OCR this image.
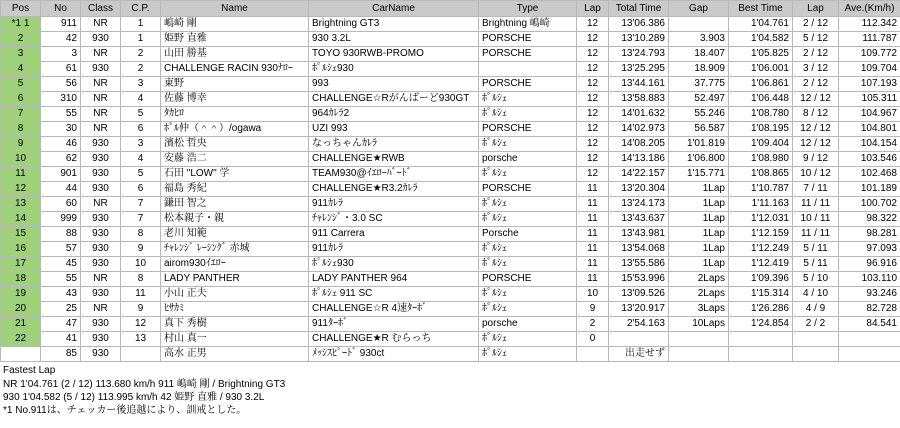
Pos	No	Class	C.P.	Name	CarName	Type	Lap	Total Time	Gap	Best Time	Lap	Ave.(Km/h)
*1 1	911	NR	1	嶋崎 剛	Brightning GT3	Brightning 嶋崎	12	13'06.386		1'04.761	2 / 12	112.342
2	42	930	1	姫野 直雅	930 3.2L	PORSCHE	12	13'10.289	3.903	1'04.582	5 / 12	111.787
3	3	NR	2	山田 勝基	TOYO 930RWB-PROMO	PORSCHE	12	13'24.793	18.407	1'05.825	2 / 12	109.772
4	61	930	2	CHALLENGE RACIN 930ﾅﾛｰ	ﾎﾟﾙｼｪ930		12	13'25.295	18.909	1'06.001	3 / 12	109.704
5	56	NR	3	東野	993	PORSCHE	12	13'44.161	37.775	1'06.861	2 / 12	107.193
6	310	NR	4	佐藤 博幸	CHALLENGE☆Rがんばーど930GT	ﾎﾟﾙｼｪ	12	13'58.883	52.497	1'06.448	12 / 12	105.311
7	55	NR	5	ﾀｶﾋﾛ	964ｶﾚﾗ2	ﾎﾟﾙｼｪ	12	14'01.632	55.246	1'08.780	8 / 12	104.967
8	30	NR	6	ﾎﾟﾙ仲（＾＾）/ogawa	UZI 993	PORSCHE	12	14'02.973	56.587	1'08.195	12 / 12	104.801
9	46	930	3	濱松 哲央	なっちゃんｶﾚﾗ	ﾎﾟﾙｼｪ	12	14'08.205	1'01.819	1'09.404	12 / 12	104.154
10	62	930	4	安藤 浩二	CHALLENGE★RWB	porsche	12	14'13.186	1'06.800	1'08.980	9 / 12	103.546
11	901	930	5	石田 "LOW" 学	TEAM930@ｲｴﾛｰﾊﾞｰﾄﾞ	ﾎﾟﾙｼｪ	12	14'22.157	1'15.771	1'08.865	10 / 12	102.468
12	44	930	6	福島 秀紀	CHALLENGE★R3.2ｶﾚﾗ	PORSCHE	11	13'20.304	1Lap	1'10.787	7 / 11	101.189
13	60	NR	7	鎌田 智之	911ｶﾚﾗ	ﾎﾟﾙｼｪ	11	13'24.173	1Lap	1'11.163	11 / 11	100.702
14	999	930	7	松本親子・親	ﾁｬﾚﾝｼﾞ・3.0 SC	ﾎﾟﾙｼｪ	11	13'43.637	1Lap	1'12.031	10 / 11	98.322
15	88	930	8	老川 知範	911 Carrera	Porsche	11	13'43.981	1Lap	1'12.159	11 / 11	98.281
16	57	930	9	ﾁｬﾚﾝｼﾞ ﾚｰｼﾝｸﾞ 赤城	911ｶﾚﾗ	ﾎﾟﾙｼｪ	11	13'54.068	1Lap	1'12.249	5 / 11	97.093
17	45	930	10	airom930ｲｴﾛｰ	ﾎﾟﾙｼｪ930	ﾎﾟﾙｼｪ	11	13'55.586	1Lap	1'12.419	5 / 11	96.916
18	55	NR	8	LADY PANTHER	LADY PANTHER 964	PORSCHE	11	15'53.996	2Laps	1'09.396	5 / 10	103.110
19	43	930	11	小山 正夫	ﾎﾟﾙｼｪ 911 SC	ﾎﾟﾙｼｪ	10	13'09.526	2Laps	1'15.314	4 / 10	93.246
20	25	NR	9	ﾋｻｶﾐ	CHALLENGE☆R 4速ﾀｰﾎﾞ	ﾎﾟﾙｼｪ	9	13'20.917	3Laps	1'26.286	4 / 9	82.728
21	47	930	12	真下 秀樹	911ﾀｰﾎﾞ	porsche	2	2'54.163	10Laps	1'24.854	2 / 2	84.541
22	41	930	13	村山 真一	CHALLENGE★R むらっち	ﾎﾟﾙｼｪ	0					
	85	930		高水 正男	ﾒｯｼｽﾋﾟｰﾄﾞ 930ct	ﾎﾟﾙｼｪ		出走せず				
Fastest Lap
NR 1'04.761 (2 / 12) 113.680 km/h 911 嶋崎 剛 / Brightning GT3
930 1'04.582 (5 / 12) 113.995 km/h 42 姫野 直雅 / 930 3.2L
*1 No.911は、チェッカー後追越により、訓戒とした。
